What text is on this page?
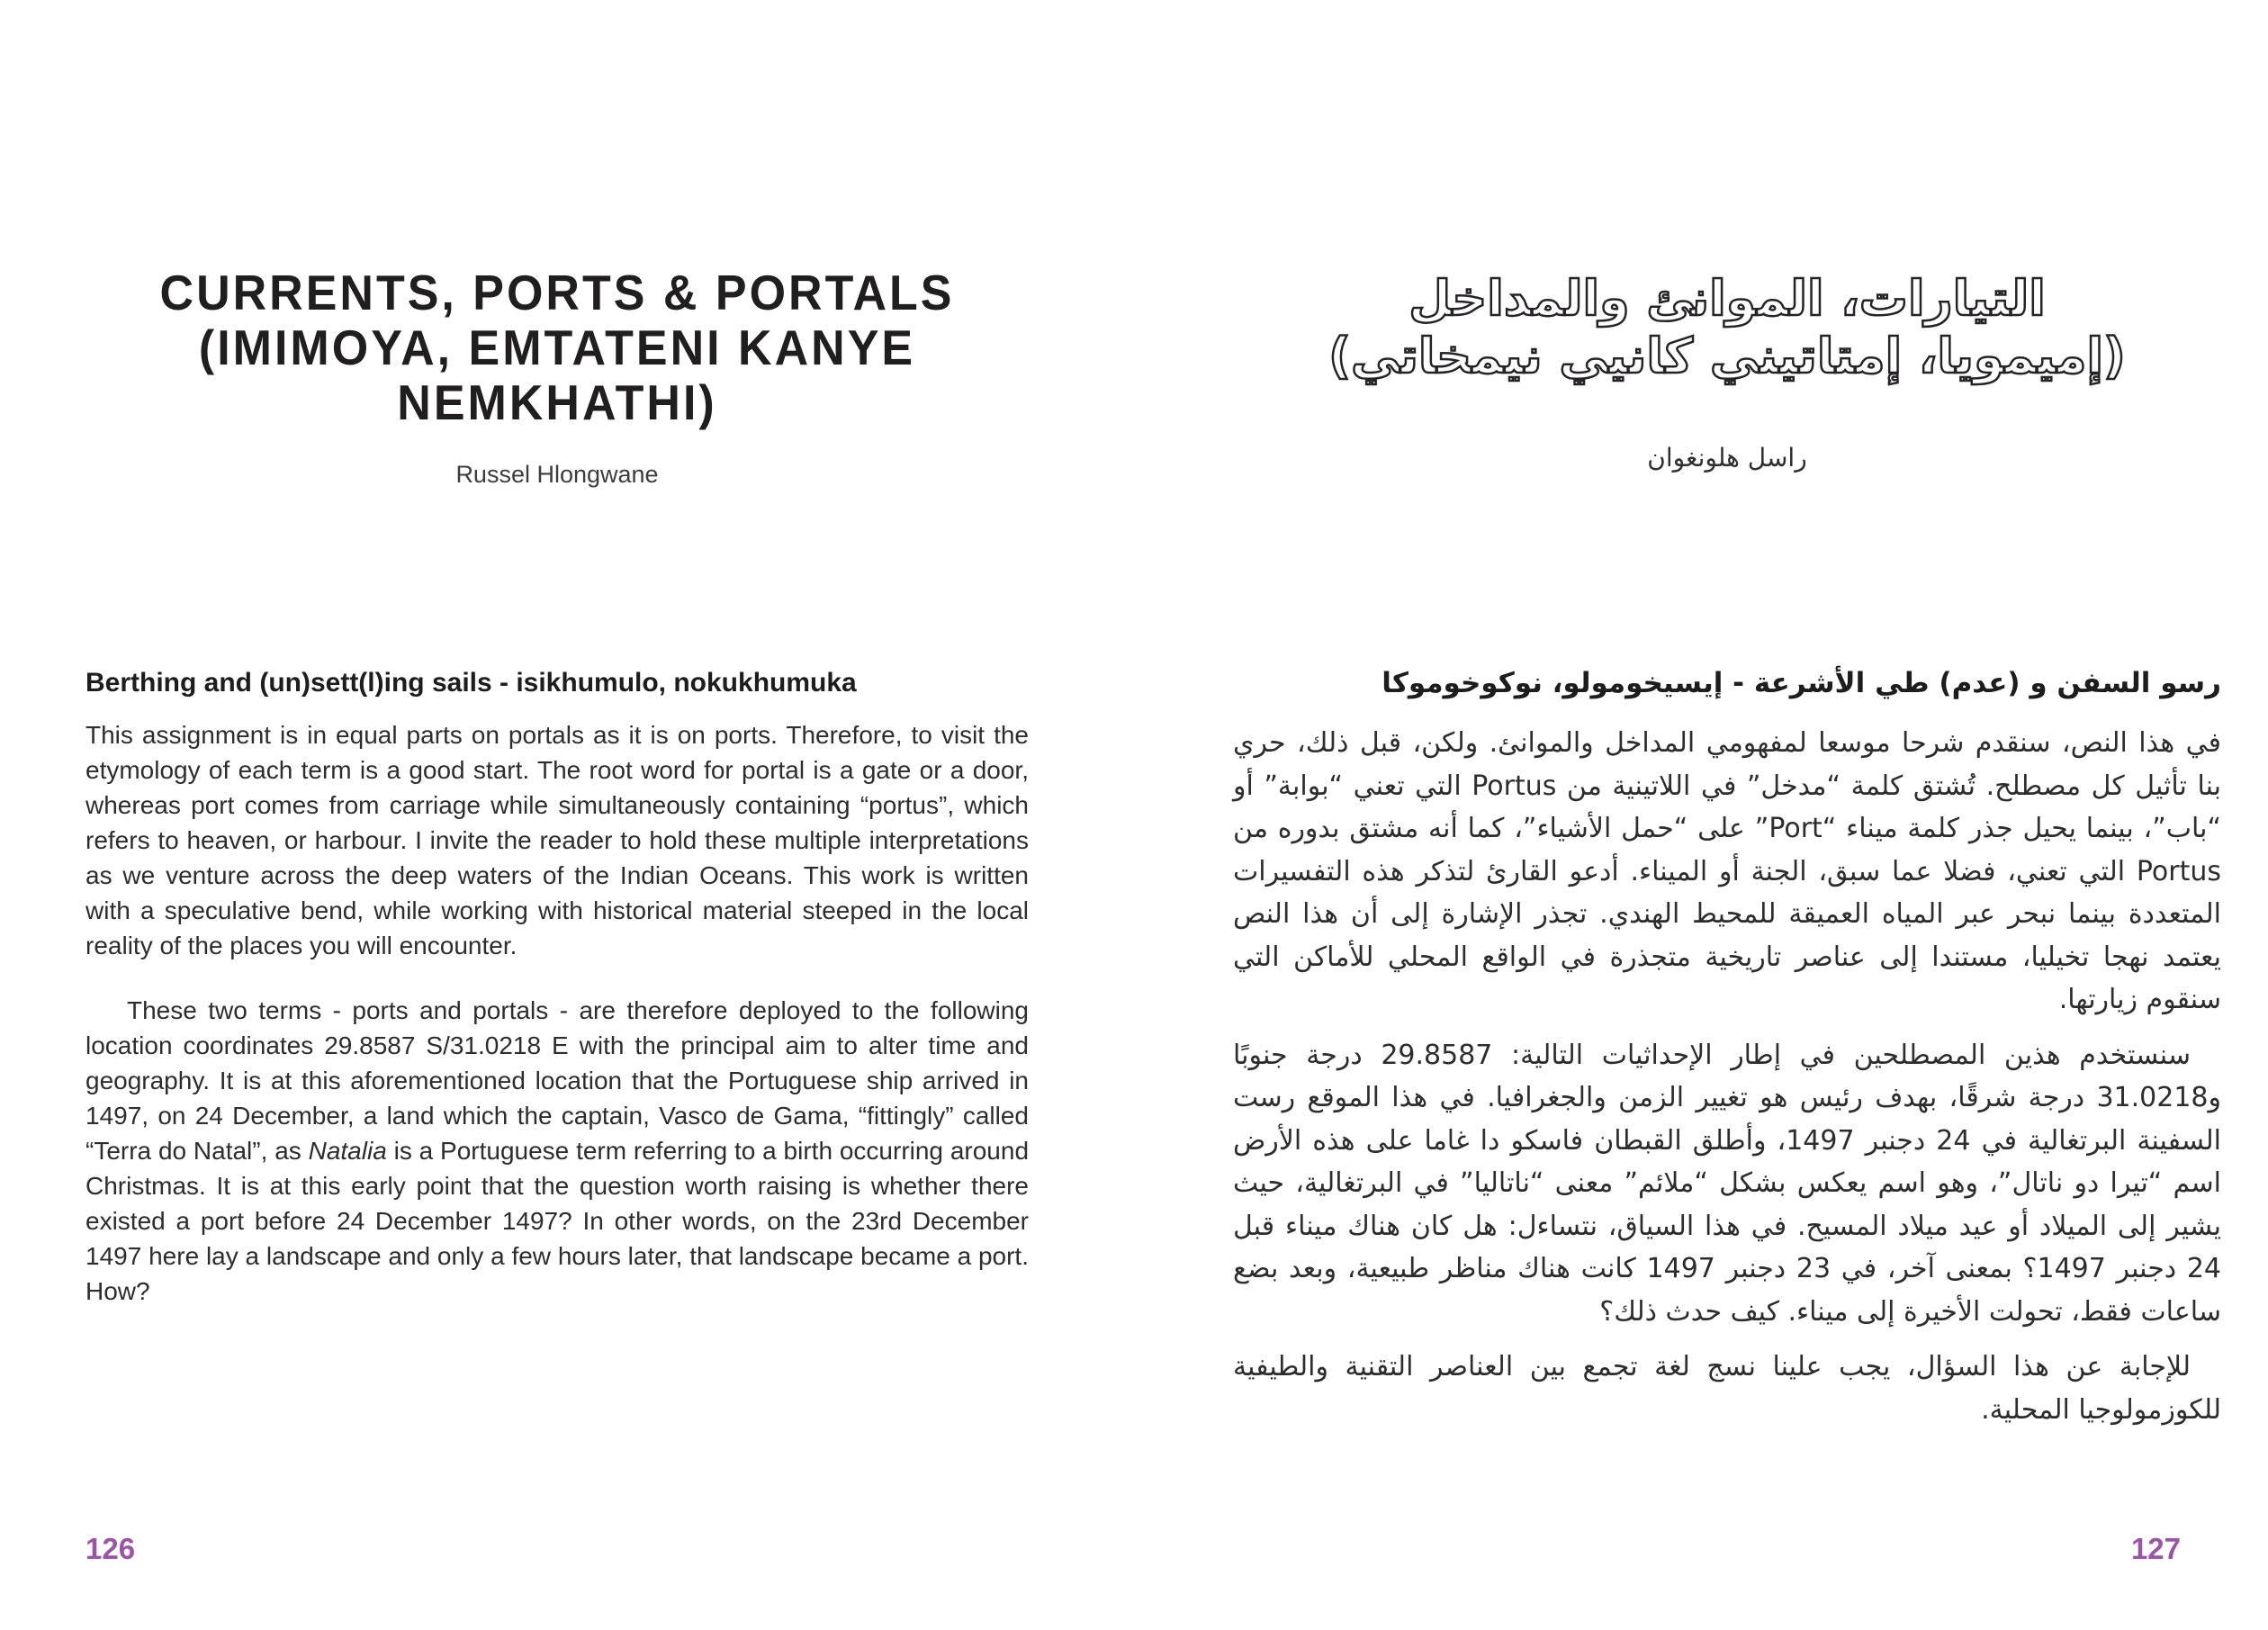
CURRENTS, PORTS & PORTALS
(IMIMOYA, EMTATENI KANYE
NEMKHATHI)
Russel Hlongwane
Berthing and (un)sett(l)ing sails - isikhumulo, nokukhumuka

This assignment is in equal parts on portals as it is on ports. Therefore, to visit the etymology of each term is a good start. The root word for portal is a gate or a door, whereas port comes from carriage while simultaneously containing “portus”, which refers to heaven, or harbour. I invite the reader to hold these multiple interpretations as we venture across the deep waters of the Indian Oceans. This work is written with a speculative bend, while working with historical material steeped in the local reality of the places you will encounter.

These two terms - ports and portals - are therefore deployed to the following location coordinates 29.8587 S/31.0218 E with the principal aim to alter time and geography. It is at this aforementioned location that the Portuguese ship arrived in 1497, on 24 December, a land which the captain, Vasco de Gama, “fittingly” called “Terra do Natal”, as Natalia is a Portuguese term referring to a birth occurring around Christmas. It is at this early point that the question worth raising is whether there existed a port before 24 December 1497? In other words, on the 23rd December 1497 here lay a landscape and only a few hours later, that landscape became a port. How?

التيارات، الموانئ والمداخل
(إميمويا، إمتاتيني كانيي نيمخاتي)
راسل هلونغوان
رسو السفن و (عدم) طي الأشرعة - إيسيخومولو، نوكوخوموكا

في هذا النص، سنقدم شرحا موسعا لمفهومي المداخل والموانئ. ولكن، قبل ذلك، حري بنا تأثيل كل مصطلح. تُشتق كلمة “مدخل” في اللاتينية من Portus التي تعني “بوابة” أو “باب”، بينما يحيل جذر كلمة ميناء “Port” على “حمل الأشياء”، كما أنه مشتق بدوره من Portus التي تعني، فضلا عما سبق، الجنة أو الميناء. أدعو القارئ لتذكر هذه التفسيرات المتعددة بينما نبحر عبر المياه العميقة للمحيط الهندي. تجذر الإشارة إلى أن هذا النص يعتمد نهجا تخيليا، مستندا إلى عناصر تاريخية متجذرة في الواقع المحلي للأماكن التي سنقوم زيارتها.

سنستخدم هذين المصطلحين في إطار الإحداثيات التالية: 29.8587 درجة جنوبًا و31.0218 درجة شرقًا، بهدف رئيس هو تغيير الزمن والجغرافيا. في هذا الموقع رست السفينة البرتغالية في 24 دجنبر 1497، وأطلق القبطان فاسكو دا غاما على هذه الأرض اسم “تيرا دو ناتال”، وهو اسم يعكس بشكل “ملائم” معنى “ناتاليا” في البرتغالية، حيث يشير إلى الميلاد أو عيد ميلاد المسيح. في هذا السياق، نتساءل: هل كان هناك ميناء قبل 24 دجنبر 1497؟ بمعنى آخر، في 23 دجنبر 1497 كانت هناك مناظر طبيعية، وبعد بضع ساعات فقط، تحولت الأخيرة إلى ميناء. كيف حدث ذلك؟

للإجابة عن هذا السؤال، يجب علينا نسج لغة تجمع بين العناصر التقنية والطيفية للكوزمولوجيا المحلية.

126	127
